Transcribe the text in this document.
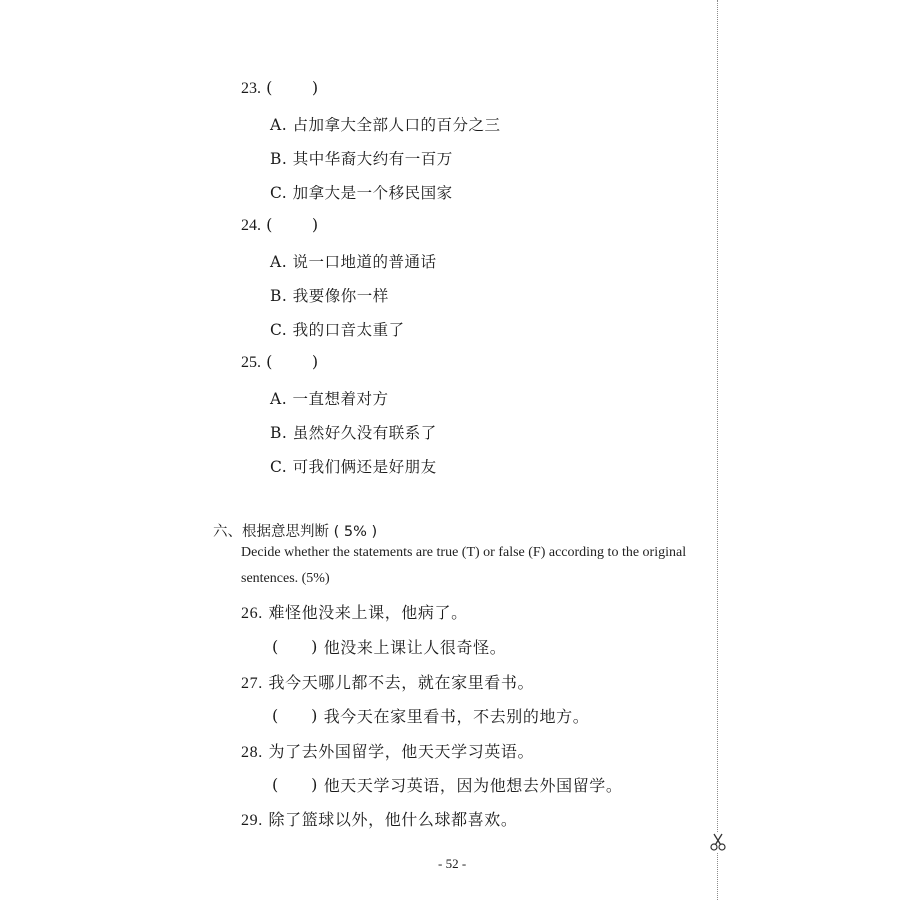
23. ( )

A. 占加拿大全部人口的百分之三
B. 其中华裔大约有一百万
C. 加拿大是一个移民国家
24. ( )

A. 说一口地道的普通话
B. 我要像你一样
C. 我的口音太重了
25. ( )

A. 一直想着对方
B. 虽然好久没有联系了
C. 可我们俩还是好朋友
六、根据意思判断 ( 5% )
Decide whether the statements are true (T) or false (F) according to the original
sentences. (5%)
26. 难怪他没来上课，他病了。
( ) 他没来上课让人很奇怪。
27. 我今天哪儿都不去，就在家里看书。
( ) 我今天在家里看书，不去别的地方。
28. 为了去外国留学，他天天学习英语。
( ) 他天天学习英语，因为他想去外国留学。
29. 除了篮球以外，他什么球都喜欢。
- 52 -
